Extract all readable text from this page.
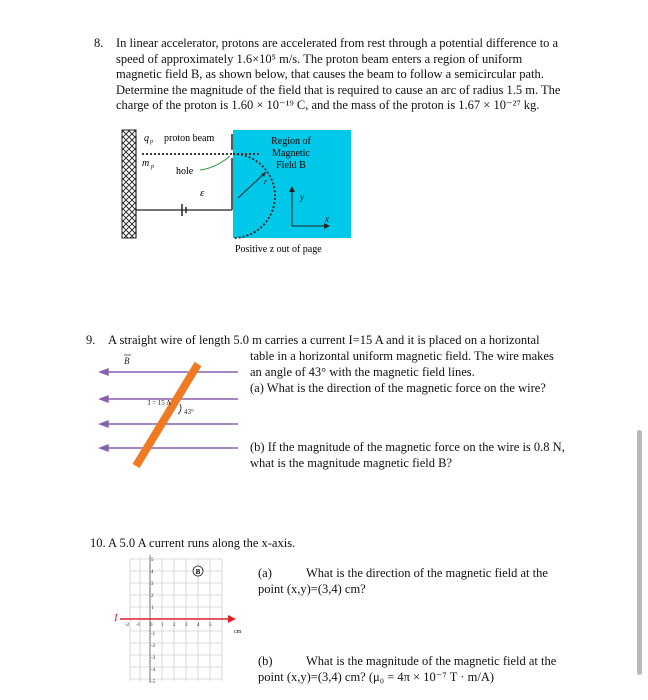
8. In linear accelerator, protons are accelerated from rest through a potential difference to a
speed of approximately 1.6×10⁵ m/s. The proton beam enters a region of uniform
magnetic field B, as shown below, that causes the beam to follow a semicircular path.
Determine the magnitude of the field that is required to cause an arc of radius 1.5 m. The
charge of the proton is 1.60 × 10⁻¹⁹ C, and the mass of the proton is 1.67 × 10⁻²⁷ kg.
q p proton beam
m p hole
ε
Region of
Magnetic
Field B
r
y
x
Positive z out of page
9. A straight wire of length 5.0 m carries a current I=15 A and it is placed on a horizontal
table in a horizontal uniform magnetic field. The wire makes
an angle of 43° with the magnetic field lines.
(a) What is the direction of the magnetic force on the wire?
(b) If the magnitude of the magnetic force on the wire is 0.8 N,
what is the magnitude magnetic field B?
B
I = 15 A
43°
10. A 5.0 A current runs along the x-axis.
I
B
cm
-2 -1 0 1 2 3 4 5
5
4
3
2
1
-1
-2
-3
-4
-5
(a)	What is the direction of the magnetic field at the
point (x,y)=(3,4) cm?
(b)	What is the magnitude of the magnetic field at the
point (x,y)=(3,4) cm? (μ₀ = 4π × 10⁻⁷ T · m/A)
